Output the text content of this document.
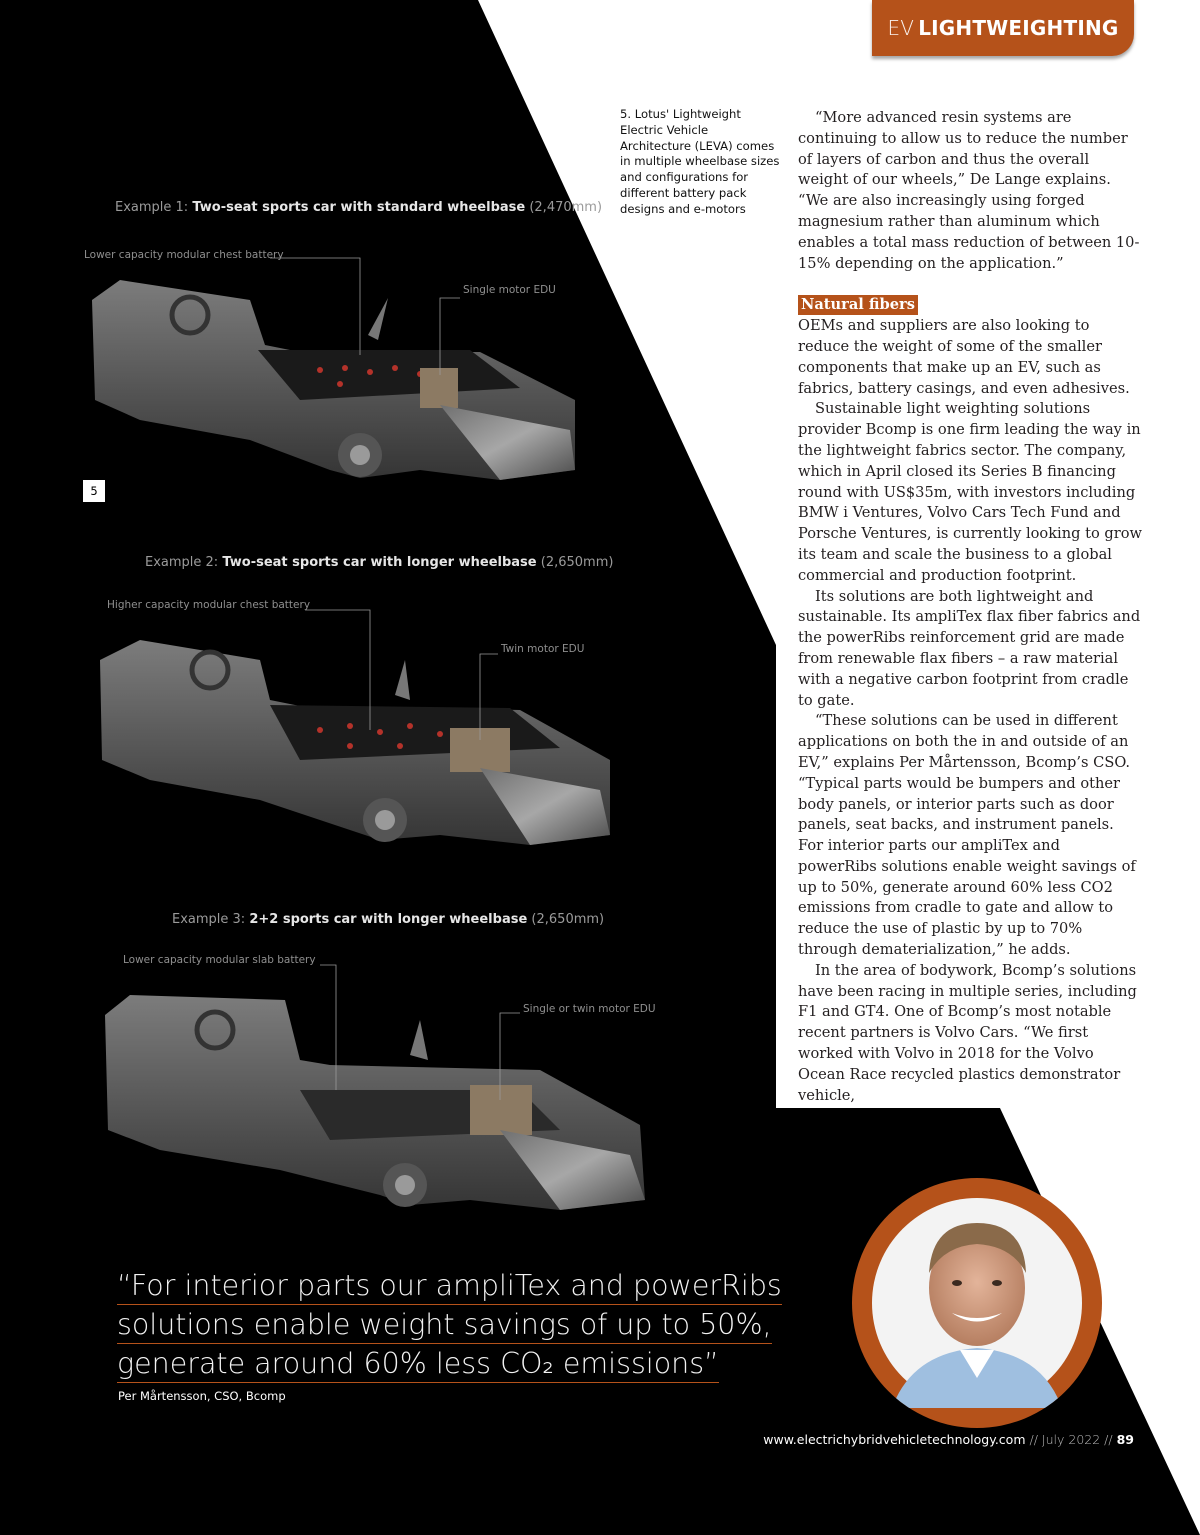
EV LIGHTWEIGHTING
5. Lotus' Lightweight Electric Vehicle Architecture (LEVA) comes in multiple wheelbase sizes and configurations for different battery pack designs and e-motors
Example 1: Two-seat sports car with standard wheelbase (2,470mm)
Lower capacity modular chest battery
Single motor EDU
5
Example 2: Two-seat sports car with longer wheelbase (2,650mm)
Higher capacity modular chest battery
Twin motor EDU
Example 3: 2+2 sports car with longer wheelbase (2,650mm)
Lower capacity modular slab battery
Single or twin motor EDU

“More advanced resin systems are continuing to allow us to reduce the number of layers of carbon and thus the overall weight of our wheels,” De Lange explains. “We are also increasingly using forged magnesium rather than aluminum which enables a total mass reduction of between 10-15% depending on the application.”

Natural fibers

OEMs and suppliers are also looking to reduce the weight of some of the smaller components that make up an EV, such as fabrics, battery casings, and even adhesives.

Sustainable light weighting solutions provider Bcomp is one firm leading the way in the lightweight fabrics sector. The company, which in April closed its Series B financing round with US$35m, with investors including BMW i Ventures, Volvo Cars Tech Fund and Porsche Ventures, is currently looking to grow its team and scale the business to a global commercial and production footprint.

Its solutions are both lightweight and sustainable. Its ampliTex flax fiber fabrics and the powerRibs reinforcement grid are made from renewable flax fibers – a raw material with a negative carbon footprint from cradle to gate.

“These solutions can be used in different applications on both the in and outside of an EV,” explains Per Mårtensson, Bcomp’s CSO. “Typical parts would be bumpers and other body panels, or interior parts such as door panels, seat backs, and instrument panels. For interior parts our ampliTex and powerRibs solutions enable weight savings of up to 50%, generate around 60% less CO2 emissions from cradle to gate and allow to reduce the use of plastic by up to 70% through dematerialization,” he adds.

In the area of bodywork, Bcomp’s solutions have been racing in multiple series, including F1 and GT4. One of Bcomp’s most notable recent partners is Volvo Cars. “We first worked with Volvo in 2018 for the Volvo Ocean Race recycled plastics demonstrator vehicle,

“For interior parts our ampliTex and powerRibs
solutions enable weight savings of up to 50%,
generate around 60% less CO₂ emissions”
Per Mårtensson, CSO, Bcomp
www.electrichybridvehicletechnology.com // July 2022 // 89
